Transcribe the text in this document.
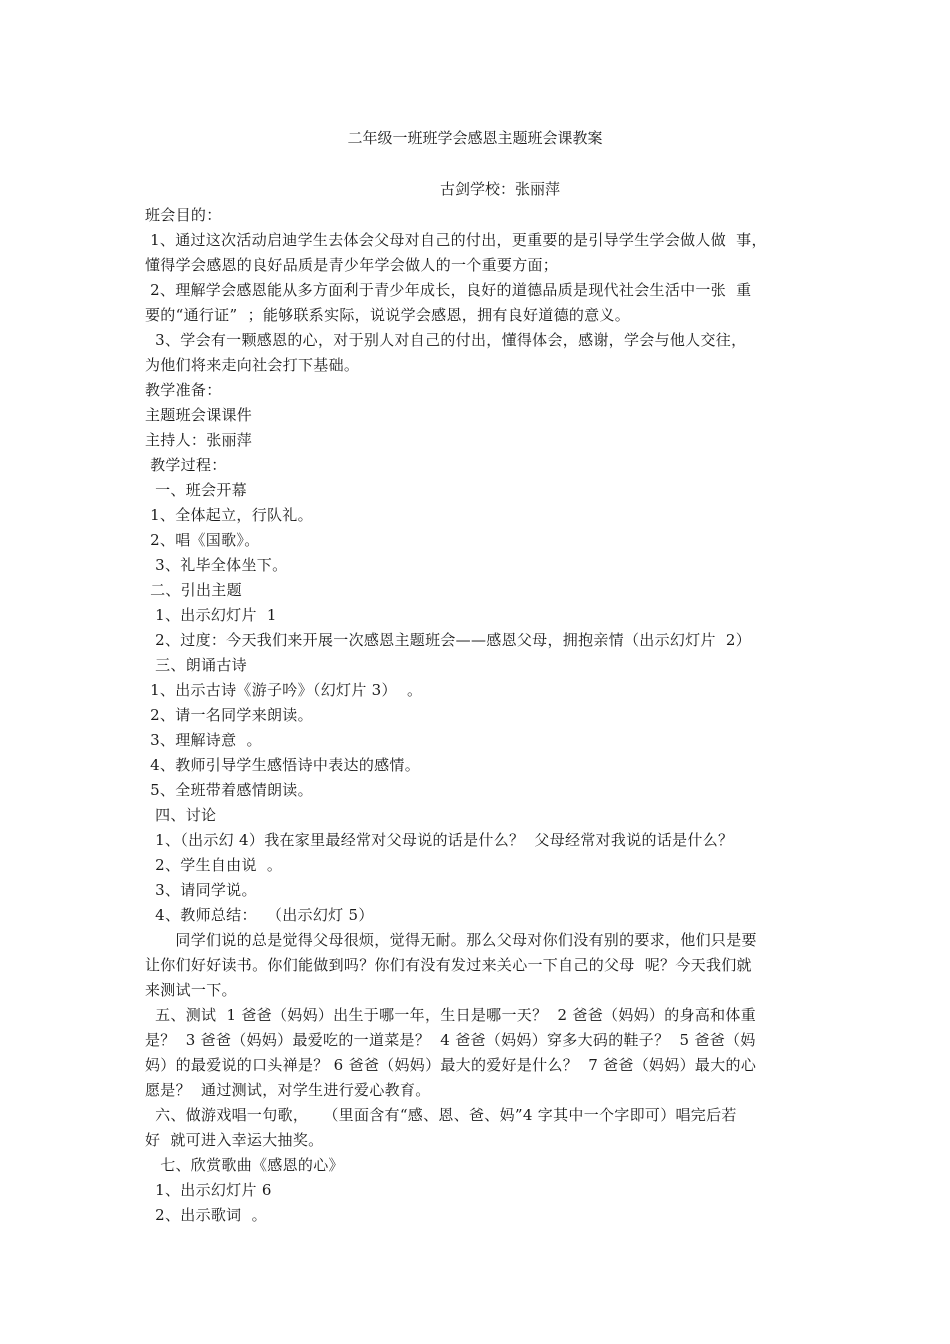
二年级一班班学会感恩主题班会课教案
古剑学校：张丽萍
班会目的：
1、通过这次活动启迪学生去体会父母对自己的付出，更重要的是引导学生学会做人做  事，
懂得学会感恩的良好品质是青少年学会做人的一个重要方面；
2、理解学会感恩能从多方面利于青少年成长，良好的道德品质是现代社会生活中一张  重
要的“通行证”  ；能够联系实际，说说学会感恩，拥有良好道德的意义。
3、学会有一颗感恩的心，对于别人对自己的付出，懂得体会，感谢，学会与他人交往，
为他们将来走向社会打下基础。
教学准备：
主题班会课课件
主持人：张丽萍
教学过程：
一、班会开幕
1、全体起立，行队礼。
2、唱《国歌》。
3、礼毕全体坐下。
二、引出主题
1、出示幻灯片  1
2、过度：今天我们来开展一次感恩主题班会——感恩父母，拥抱亲情（出示幻灯片  2）
三、朗诵古诗
1、出示古诗《游子吟》（幻灯片 3）  。
2、请一名同学来朗读。
3、理解诗意  。
4、教师引导学生感悟诗中表达的感情。
5、全班带着感情朗读。
四、讨论
1、（出示幻 4）我在家里最经常对父母说的话是什么？  父母经常对我说的话是什么？
2、学生自由说  。
3、请同学说。
4、教师总结：  （出示幻灯 5）
同学们说的总是觉得父母很烦，觉得无耐。那么父母对你们没有别的要求，他们只是要
让你们好好读书。你们能做到吗？你们有没有发过来关心一下自己的父母  呢？今天我们就
来测试一下。
五、测试  1 爸爸（妈妈）出生于哪一年，生日是哪一天？  2 爸爸（妈妈）的身高和体重
是？  3 爸爸（妈妈）最爱吃的一道菜是？  4 爸爸（妈妈）穿多大码的鞋子？  5 爸爸（妈
妈）的最爱说的口头禅是？ 6 爸爸（妈妈）最大的爱好是什么？  7 爸爸（妈妈）最大的心
愿是？  通过测试，对学生进行爱心教育。
六、做游戏唱一句歌，   （里面含有“感、恩、爸、妈”4 字其中一个字即可）唱完后若
好  就可进入幸运大抽奖。
七、欣赏歌曲《感恩的心》
1、出示幻灯片 6
2、出示歌词  。
